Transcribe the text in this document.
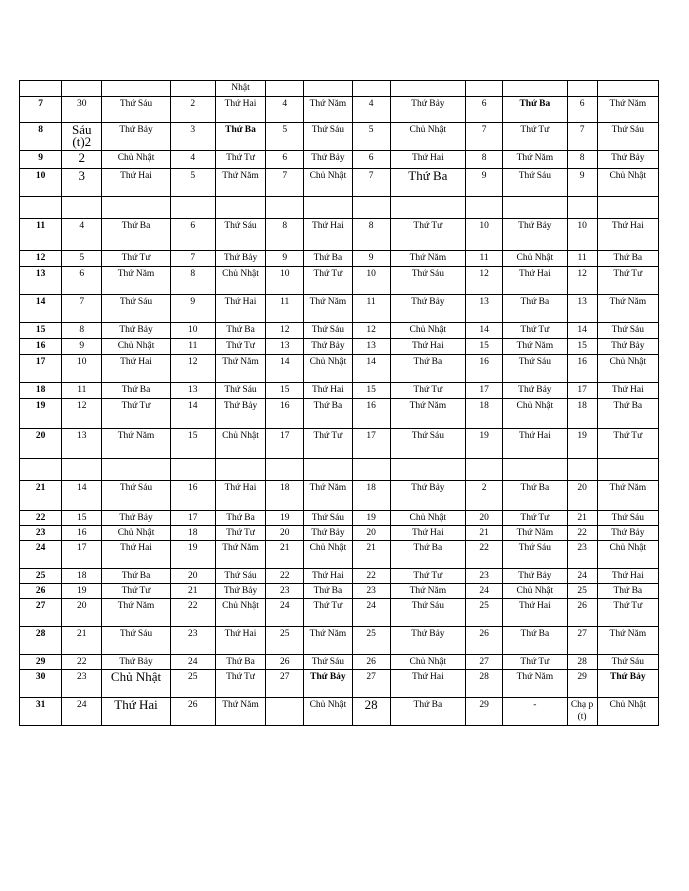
				Nhật								
7	30	Thứ Sáu	2	Thứ Hai	4	Thứ Năm	4	Thứ Bảy	6	Thứ Ba	6	Thứ Năm
8	Sáu (t)2	Thứ Bảy	3	Thứ Ba	5	Thứ Sáu	5	Chủ Nhật	7	Thứ Tư	7	Thứ Sáu
9	2	Chủ Nhật	4	Thứ Tư	6	Thứ Bảy	6	Thứ Hai	8	Thứ Năm	8	Thứ Bảy
10	3	Thứ Hai	5	Thứ Năm	7	Chủ Nhật	7	Thứ Ba	9	Thứ Sáu	9	Chủ Nhật

11	4	Thứ Ba	6	Thứ Sáu	8	Thứ Hai	8	Thứ Tư	10	Thứ Bảy	10	Thứ Hai
12	5	Thứ Tư	7	Thứ Bảy	9	Thứ Ba	9	Thứ Năm	11	Chủ Nhật	11	Thứ Ba
13	6	Thứ Năm	8	Chủ Nhật	10	Thứ Tư	10	Thứ Sáu	12	Thứ Hai	12	Thứ Tư
14	7	Thứ Sáu	9	Thứ Hai	11	Thứ Năm	11	Thứ Bảy	13	Thứ Ba	13	Thứ Năm
15	8	Thứ Bảy	10	Thứ Ba	12	Thứ Sáu	12	Chủ Nhật	14	Thứ Tư	14	Thứ Sáu
16	9	Chủ Nhật	11	Thứ Tư	13	Thứ Bảy	13	Thứ Hai	15	Thứ Năm	15	Thứ Bảy
17	10	Thứ Hai	12	Thứ Năm	14	Chủ Nhật	14	Thứ Ba	16	Thứ Sáu	16	Chủ Nhật
18	11	Thứ Ba	13	Thứ Sáu	15	Thứ Hai	15	Thứ Tư	17	Thứ Bảy	17	Thứ Hai
19	12	Thứ Tư	14	Thứ Bảy	16	Thứ Ba	16	Thứ Năm	18	Chủ Nhật	18	Thứ Ba
20	13	Thứ Năm	15	Chủ Nhật	17	Thứ Tư	17	Thứ Sáu	19	Thứ Hai	19	Thứ Tư

21	14	Thứ Sáu	16	Thứ Hai	18	Thứ Năm	18	Thứ Bảy	2	Thứ Ba	20	Thứ Năm
22	15	Thứ Bảy	17	Thứ Ba	19	Thứ Sáu	19	Chủ Nhật	20	Thứ Tư	21	Thứ Sáu
23	16	Chủ Nhật	18	Thứ Tư	20	Thứ Bảy	20	Thứ Hai	21	Thứ Năm	22	Thứ Bảy
24	17	Thứ Hai	19	Thứ Năm	21	Chủ Nhật	21	Thứ Ba	22	Thứ Sáu	23	Chủ Nhật
25	18	Thứ Ba	20	Thứ Sáu	22	Thứ Hai	22	Thứ Tư	23	Thứ Bảy	24	Thứ Hai
26	19	Thứ Tư	21	Thứ Bảy	23	Thứ Ba	23	Thứ Năm	24	Chủ Nhật	25	Thứ Ba
27	20	Thứ Năm	22	Chủ Nhật	24	Thứ Tư	24	Thứ Sáu	25	Thứ Hai	26	Thứ Tư
28	21	Thứ Sáu	23	Thứ Hai	25	Thứ Năm	25	Thứ Bảy	26	Thứ Ba	27	Thứ Năm
29	22	Thứ Bảy	24	Thứ Ba	26	Thứ Sáu	26	Chủ Nhật	27	Thứ Tư	28	Thứ Sáu
30	23	Chủ Nhật	25	Thứ Tư	27	Thứ Bảy	27	Thứ Hai	28	Thứ Năm	29	Thứ Bảy
31	24	Thứ Hai	26	Thứ Năm		Chủ Nhật	28	Thứ Ba	29	-	Chạ p (t)	Chủ Nhật
